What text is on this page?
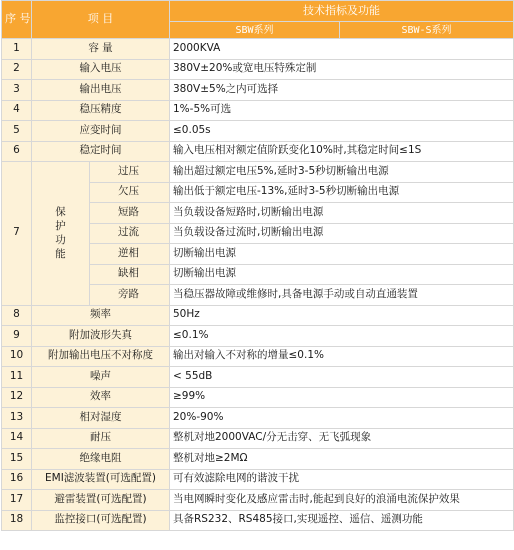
序 号	项 目		技术指标及功能	
			SBW系列	SBW-S系列
1	容 量		2000KVA	
2	输入电压		380V±20%或宽电压特殊定制	
3	输出电压		380V±5%之内可选择	
4	稳压精度		1%-5%可选	
5	应变时间		≤0.05s	
6	稳定时间		输入电压相对额定值阶跃变化10%时,其稳定时间≤1S	
7	保
护
功
能	过压	输出超过额定电压5%,延时3-5秒切断输出电源	
		欠压	输出低于额定电压-13%,延时3-5秒切断输出电源	
		短路	当负载设备短路时,切断输出电源	
		过流	当负载设备过流时,切断输出电源	
		逆相	切断输出电源	
		缺相	切断输出电源	
		旁路	当稳压器故障或维修时,具备电源手动或自动直通装置	
8	频率		50Hz	
9	附加波形失真		≤0.1%	
10	附加输出电压不对称度		输出对输入不对称的增量≤0.1%	
11	噪声		< 55dB	
12	效率		≥99%	
13	相对湿度		20%-90%	
14	耐压		整机对地2000VAC/分无击穿、无飞弧现象	
15	绝缘电阻		整机对地≥2MΩ	
16	EMI滤波装置(可选配置)		可有效滤除电网的谐波干扰	
17	避雷装置(可选配置)		当电网瞬时变化及感应雷击时,能起到良好的浪涌电流保护效果	
18	监控接口(可选配置)		具备RS232、RS485接口,实现遥控、遥信、遥测功能	
